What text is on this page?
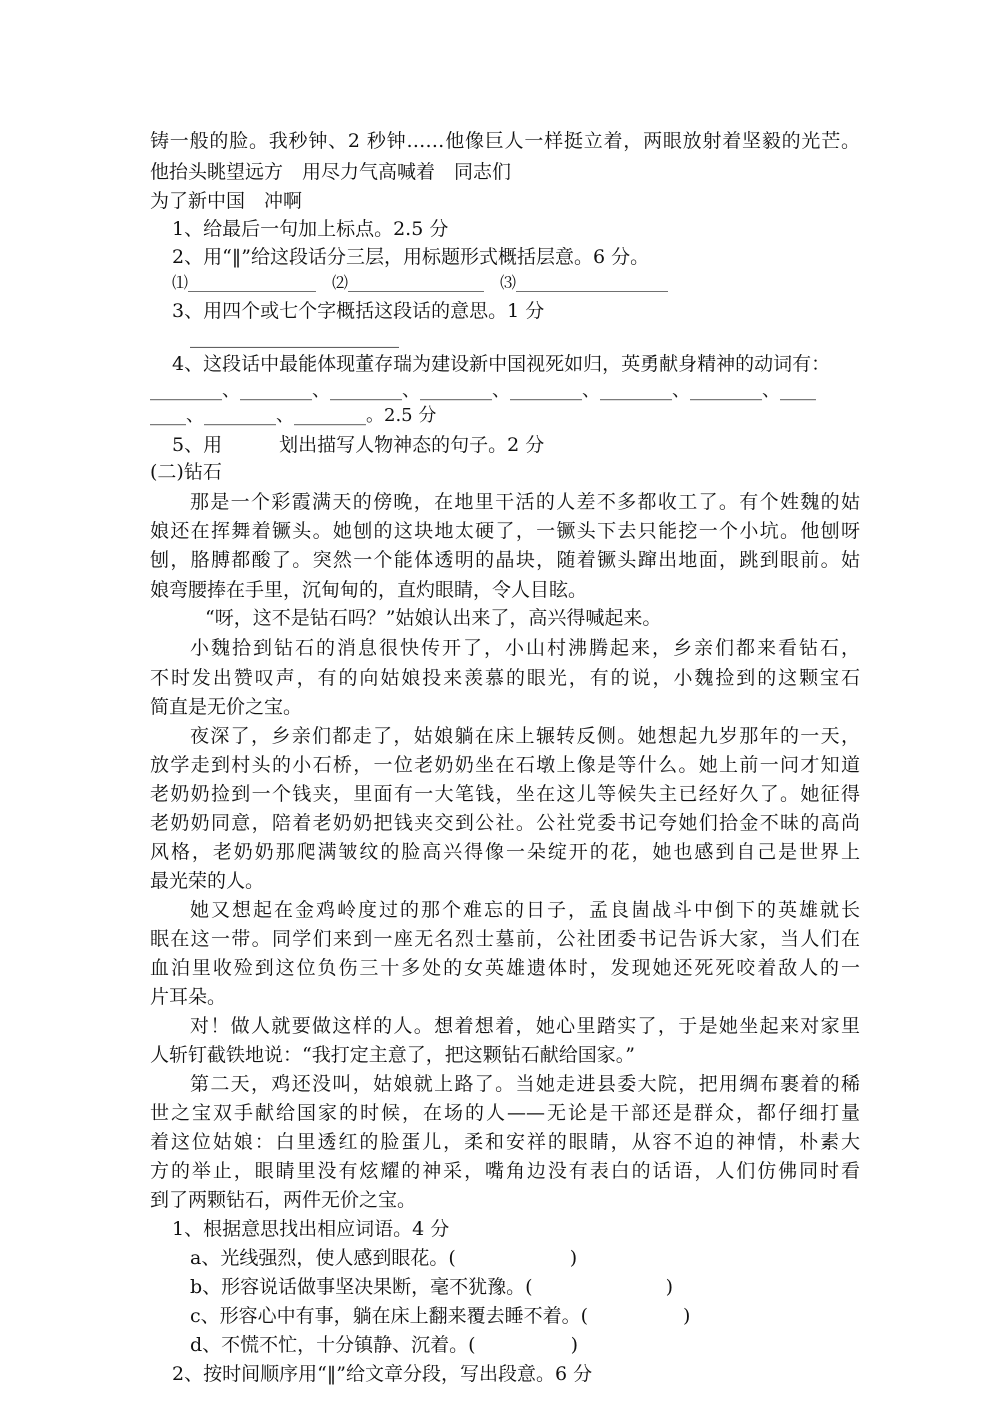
铸一般的脸。我秒钟、2 秒钟……他像巨人一样挺立着，两眼放射着坚毅的光芒。
他抬头眺望远方　用尽力气高喊着　同志们
为了新中国　冲啊
1、给最后一句加上标点。2.5 分
2、用“‖”给这段话分三层，用标题形式概括层意。6 分。
⑴________________　⑵_________________　⑶___________________
3、用四个或七个字概括这段话的意思。1 分
______________________
4、这段话中最能体现董存瑞为建设新中国视死如归，英勇献身精神的动词有：
________、________、________、________、________、________、________、____
____、________、________。2.5 分
5、用　　　划出描写人物神态的句子。2 分
(二)钻石
那是一个彩霞满天的傍晚，在地里干活的人差不多都收工了。有个姓魏的姑
娘还在挥舞着镢头。她刨的这块地太硬了，一镢头下去只能挖一个小坑。他刨呀
刨，胳膊都酸了。突然一个能体透明的晶块，随着镢头蹿出地面，跳到眼前。姑
娘弯腰捧在手里，沉甸甸的，直灼眼睛，令人目眩。
“呀，这不是钻石吗？”姑娘认出来了，高兴得喊起来。
小魏拾到钻石的消息很快传开了，小山村沸腾起来，乡亲们都来看钻石，
不时发出赞叹声，有的向姑娘投来羡慕的眼光，有的说，小魏捡到的这颗宝石
简直是无价之宝。
夜深了，乡亲们都走了，姑娘躺在床上辗转反侧。她想起九岁那年的一天，
放学走到村头的小石桥，一位老奶奶坐在石墩上像是等什么。她上前一问才知道
老奶奶捡到一个钱夹，里面有一大笔钱，坐在这儿等候失主已经好久了。她征得
老奶奶同意，陪着老奶奶把钱夹交到公社。公社党委书记夸她们拾金不昧的高尚
风格，老奶奶那爬满皱纹的脸高兴得像一朵绽开的花，她也感到自己是世界上
最光荣的人。
她又想起在金鸡岭度过的那个难忘的日子，孟良崮战斗中倒下的英雄就长
眠在这一带。同学们来到一座无名烈士墓前，公社团委书记告诉大家，当人们在
血泊里收殓到这位负伤三十多处的女英雄遗体时，发现她还死死咬着敌人的一
片耳朵。
对！做人就要做这样的人。想着想着，她心里踏实了，于是她坐起来对家里
人斩钉截铁地说：“我打定主意了，把这颗钻石献给国家。”
第二天，鸡还没叫，姑娘就上路了。当她走进县委大院，把用绸布裹着的稀
世之宝双手献给国家的时候，在场的人——无论是干部还是群众，都仔细打量
着这位姑娘：白里透红的脸蛋儿，柔和安祥的眼睛，从容不迫的神情，朴素大
方的举止，眼睛里没有炫耀的神采，嘴角边没有表白的话语，人们仿佛同时看
到了两颗钻石，两件无价之宝。
1、根据意思找出相应词语。4 分
a、光线强烈，使人感到眼花。(　　　　　　)
b、形容说话做事坚决果断，毫不犹豫。(　　　　　　　)
c、形容心中有事，躺在床上翻来覆去睡不着。(　　　　　)
d、不慌不忙，十分镇静、沉着。(　　　　　)
2、按时间顺序用“‖”给文章分段，写出段意。6 分
